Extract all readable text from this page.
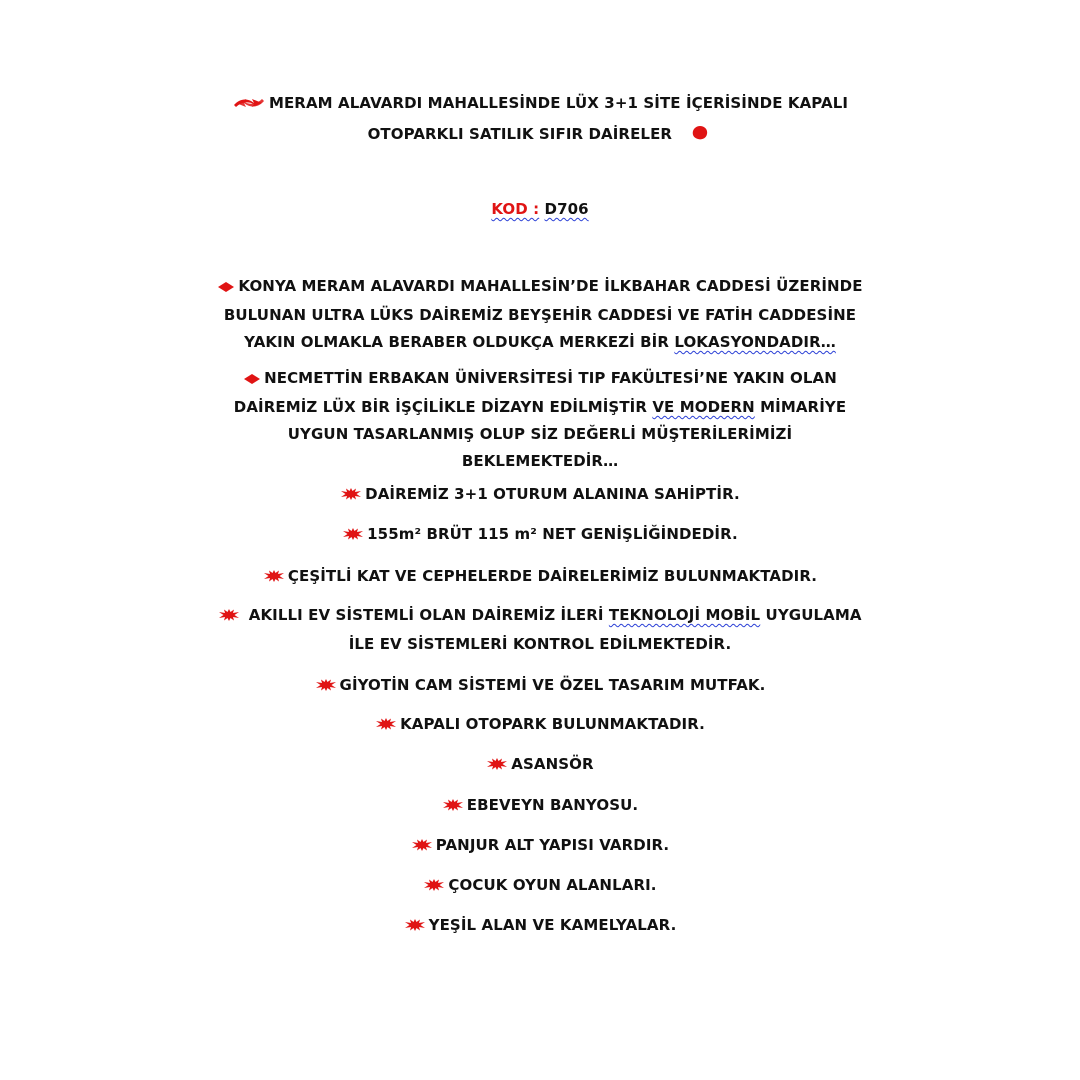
MERAM ALAVARDI MAHALLESİNDE LÜX 3+1 SİTE İÇERİSİNDE KAPALI
OTOPARKLI SATILIK SIFIR DAİRELER
KOD : D706
KONYA MERAM ALAVARDI MAHALLESİN’DE İLKBAHAR CADDESİ ÜZERİNDE
BULUNAN ULTRA LÜKS DAİREMİZ BEYŞEHİR CADDESİ VE FATİH CADDESİNE
YAKIN OLMAKLA BERABER OLDUKÇA MERKEZİ BİR LOKASYONDADIR…
NECMETTİN ERBAKAN ÜNİVERSİTESİ TIP FAKÜLTESİ’NE YAKIN OLAN
DAİREMİZ LÜX BİR İŞÇİLİKLE DİZAYN EDİLMİŞTİR VE MODERN MİMARİYE
UYGUN TASARLANMIŞ OLUP SİZ DEĞERLİ MÜŞTERİLERİMİZİ
BEKLEMEKTEDİR…
DAİREMİZ 3+1 OTURUM ALANINA SAHİPTİR.
155m² BRÜT 115 m² NET GENİŞLİĞİNDEDİR.
ÇEŞİTLİ KAT VE CEPHELERDE DAİRELERİMİZ BULUNMAKTADIR.
AKILLI EV SİSTEMLİ OLAN DAİREMİZ İLERİ TEKNOLOJİ MOBİL UYGULAMA
İLE EV SİSTEMLERİ KONTROL EDİLMEKTEDİR.
GİYOTİN CAM SİSTEMİ VE ÖZEL TASARIM MUTFAK.
KAPALI OTOPARK BULUNMAKTADIR.
ASANSÖR
EBEVEYN BANYOSU.
PANJUR ALT YAPISI VARDIR.
ÇOCUK OYUN ALANLARI.
YEŞİL ALAN VE KAMELYALAR.
